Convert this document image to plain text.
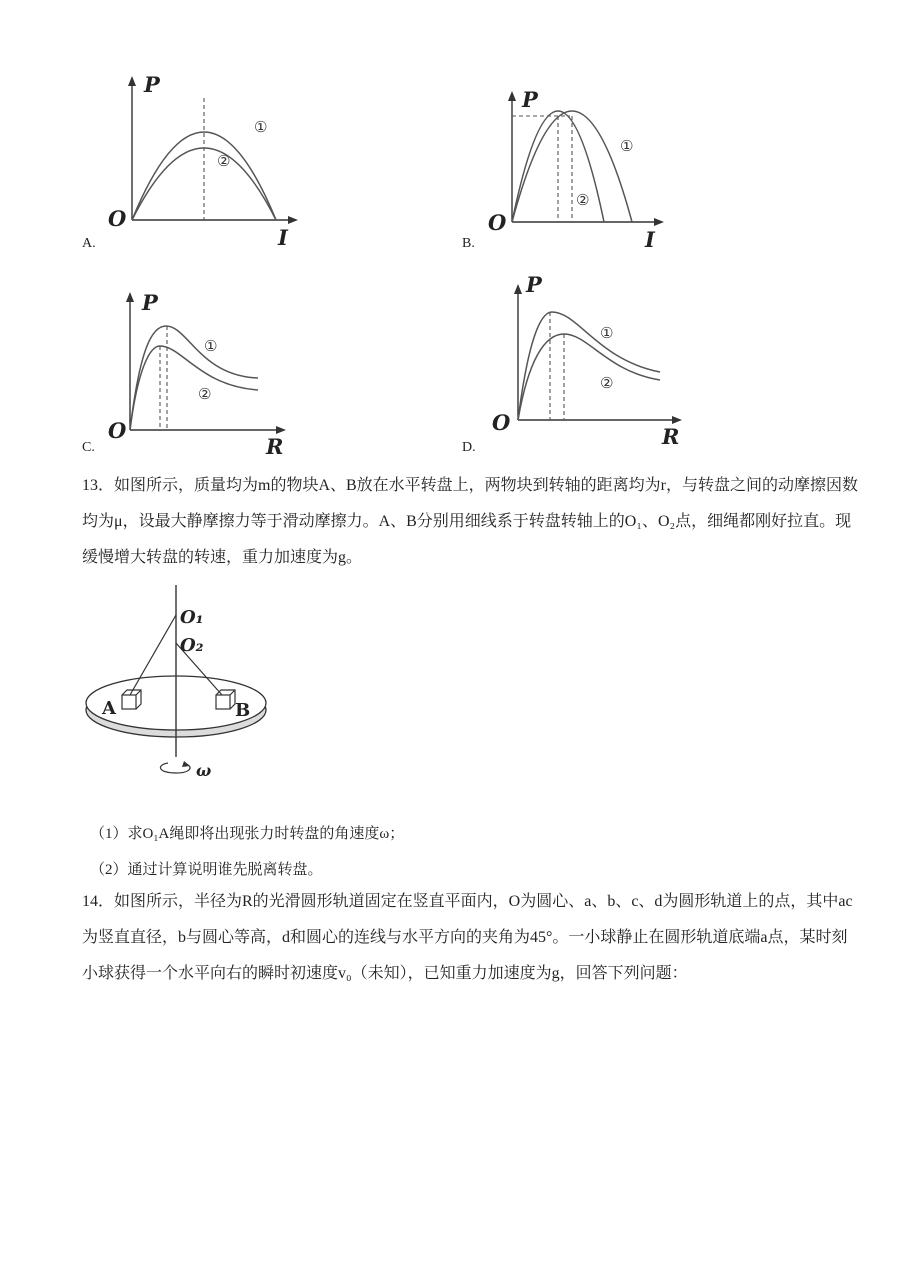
P
O
I
①
②
A.
P
O
I
①
②
B.
P
O
R
①
②
C.
P
O
R
①
②
D.

13．如图所示，质量均为m的物块A、B放在水平转盘上，两物块到转轴的距离均为r，与转盘之间的动摩擦因数均为μ，设最大静摩擦力等于滑动摩擦力。A、B分别用细线系于转盘转轴上的O₁、O₂点，细绳都刚好拉直。现缓慢增大转盘的转速，重力加速度为g。

O₁
O₂
A	B
ω

（1）求O₁A绳即将出现张力时转盘的角速度ω；

（2）通过计算说明谁先脱离转盘。

14．如图所示，半径为R的光滑圆形轨道固定在竖直平面内，O为圆心、a、b、c、d为圆形轨道上的点，其中ac为竖直直径，b与圆心等高，d和圆心的连线与水平方向的夹角为45°。一小球静止在圆形轨道底端a点，某时刻小球获得一个水平向右的瞬时初速度v₀（未知），已知重力加速度为g，回答下列问题：
